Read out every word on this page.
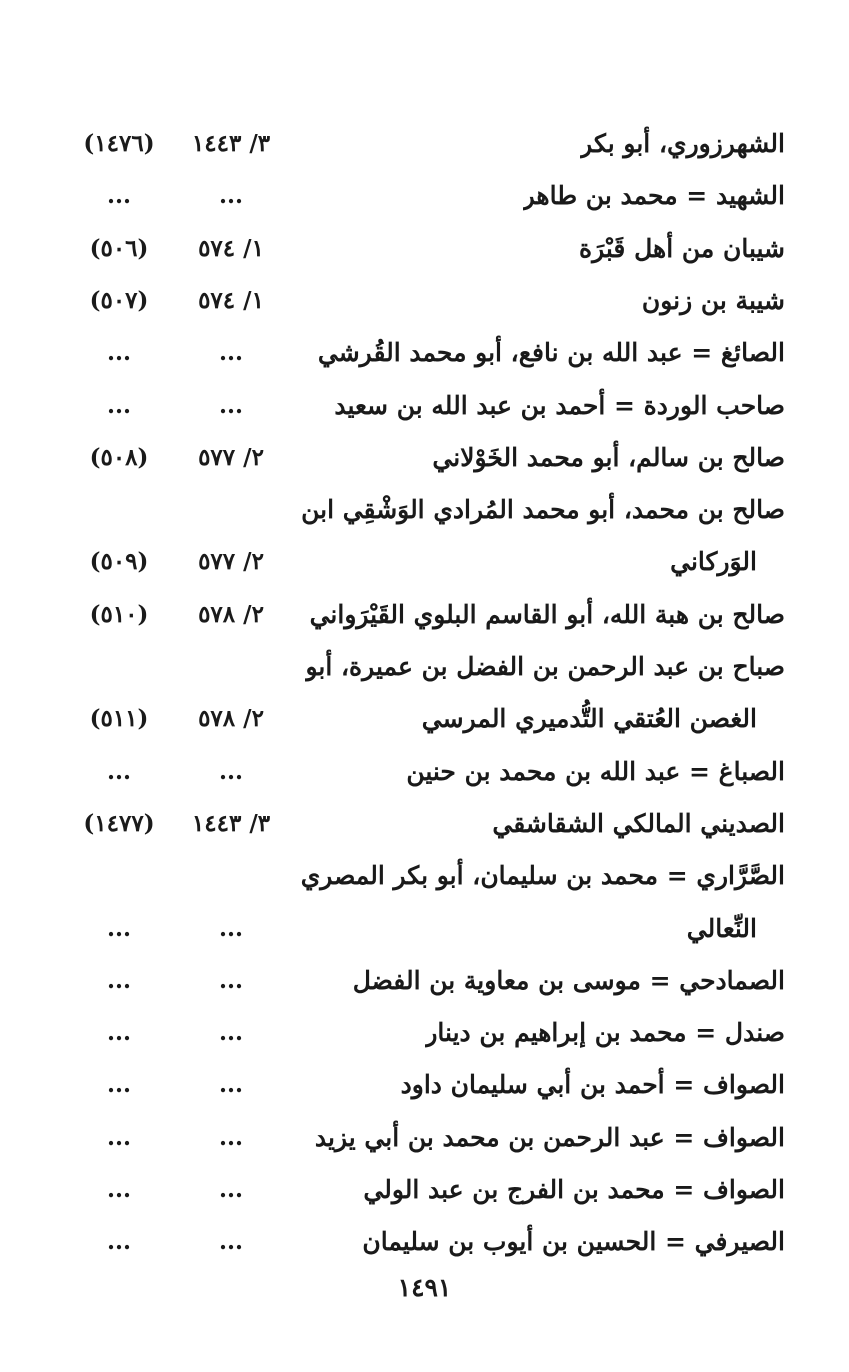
الشهرزوري، أبو بكر
٣/ ١٤٤٣
(١٤٧٦)
الشهيد = محمد بن طاهر
...
...
شيبان من أهل قَبْرَة
١/ ٥٧٤
(٥٠٦)
شيبة بن زنون
١/ ٥٧٤
(٥٠٧)
الصائغ = عبد الله بن نافع، أبو محمد القُرشي
...
...
صاحب الوردة = أحمد بن عبد الله بن سعيد
...
...
صالح بن سالم، أبو محمد الخَوْلاني
٢/ ٥٧٧
(٥٠٨)
صالح بن محمد، أبو محمد المُرادي الوَشْقِي ابن
الوَركاني
٢/ ٥٧٧
(٥٠٩)
صالح بن هبة الله، أبو القاسم البلوي القَيْرَواني
٢/ ٥٧٨
(٥١٠)
صباح بن عبد الرحمن بن الفضل بن عميرة، أبو
الغصن العُتقي التُّدميري المرسي
٢/ ٥٧٨
(٥١١)
الصباغ = عبد الله بن محمد بن حنين
...
...
الصديني المالكي الشقاشقي
٣/ ١٤٤٣
(١٤٧٧)
الصَّرَّاري = محمد بن سليمان، أبو بكر المصري
النِّعالي
...
...
الصمادحي = موسى بن معاوية بن الفضل
...
...
صندل = محمد بن إبراهيم بن دينار
...
...
الصواف = أحمد بن أبي سليمان داود
...
...
الصواف = عبد الرحمن بن محمد بن أبي يزيد
...
...
الصواف = محمد بن الفرج بن عبد الولي
...
...
الصيرفي = الحسين بن أيوب بن سليمان
...
...
١٤٩١
